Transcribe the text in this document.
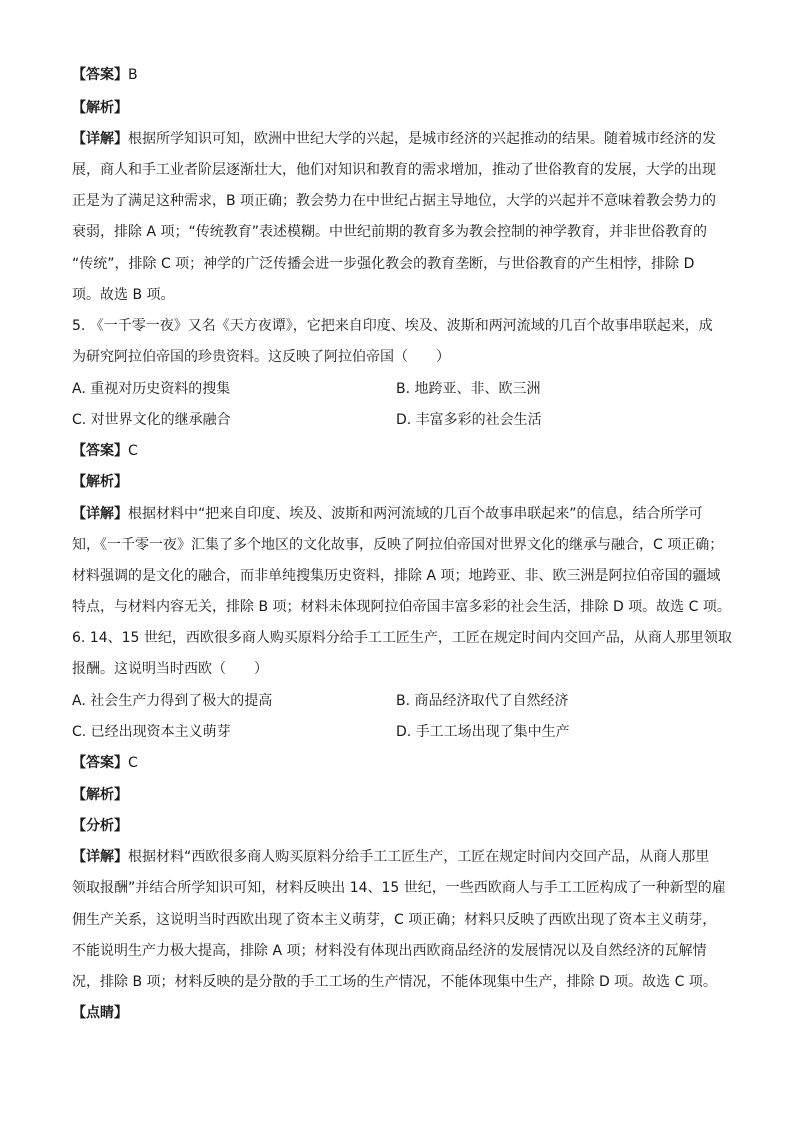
【答案】B
【解析】
【详解】根据所学知识可知，欧洲中世纪大学的兴起，是城市经济的兴起推动的结果。随着城市经济的发
展，商人和手工业者阶层逐渐壮大，他们对知识和教育的需求增加，推动了世俗教育的发展，大学的出现
正是为了满足这种需求，B 项正确；教会势力在中世纪占据主导地位，大学的兴起并不意味着教会势力的
衰弱，排除 A 项；“传统教育”表述模糊。中世纪前期的教育多为教会控制的神学教育，并非世俗教育的
“传统”，排除 C 项；神学的广泛传播会进一步强化教会的教育垄断，与世俗教育的产生相悖，排除 D
项。故选 B 项。
5. 《一千零一夜》又名《天方夜谭》，它把来自印度、埃及、波斯和两河流域的几百个故事串联起来，成
为研究阿拉伯帝国的珍贵资料。这反映了阿拉伯帝国（　　）
A. 重视对历史资料的搜集	B. 地跨亚、非、欧三洲
C. 对世界文化的继承融合	D. 丰富多彩的社会生活
【答案】C
【解析】
【详解】根据材料中“把来自印度、埃及、波斯和两河流域的几百个故事串联起来”的信息，结合所学可
知，《一千零一夜》汇集了多个地区的文化故事，反映了阿拉伯帝国对世界文化的继承与融合，C 项正确；
材料强调的是文化的融合，而非单纯搜集历史资料，排除 A 项；地跨亚、非、欧三洲是阿拉伯帝国的疆域
特点，与材料内容无关，排除 B 项；材料未体现阿拉伯帝国丰富多彩的社会生活，排除 D 项。故选 C 项。
6. 14、15 世纪，西欧很多商人购买原料分给手工工匠生产，工匠在规定时间内交回产品，从商人那里领取
报酬。这说明当时西欧（　　）
A. 社会生产力得到了极大的提高	B. 商品经济取代了自然经济
C. 已经出现资本主义萌芽	D. 手工工场出现了集中生产
【答案】C
【解析】
【分析】
【详解】根据材料“西欧很多商人购买原料分给手工工匠生产，工匠在规定时间内交回产品，从商人那里
领取报酬”并结合所学知识可知，材料反映出 14、15 世纪，一些西欧商人与手工工匠构成了一种新型的雇
佣生产关系，这说明当时西欧出现了资本主义萌芽，C 项正确；材料只反映了西欧出现了资本主义萌芽，
不能说明生产力极大提高，排除 A 项；材料没有体现出西欧商品经济的发展情况以及自然经济的瓦解情
况，排除 B 项；材料反映的是分散的手工工场的生产情况，不能体现集中生产，排除 D 项。故选 C 项。
【点睛】
